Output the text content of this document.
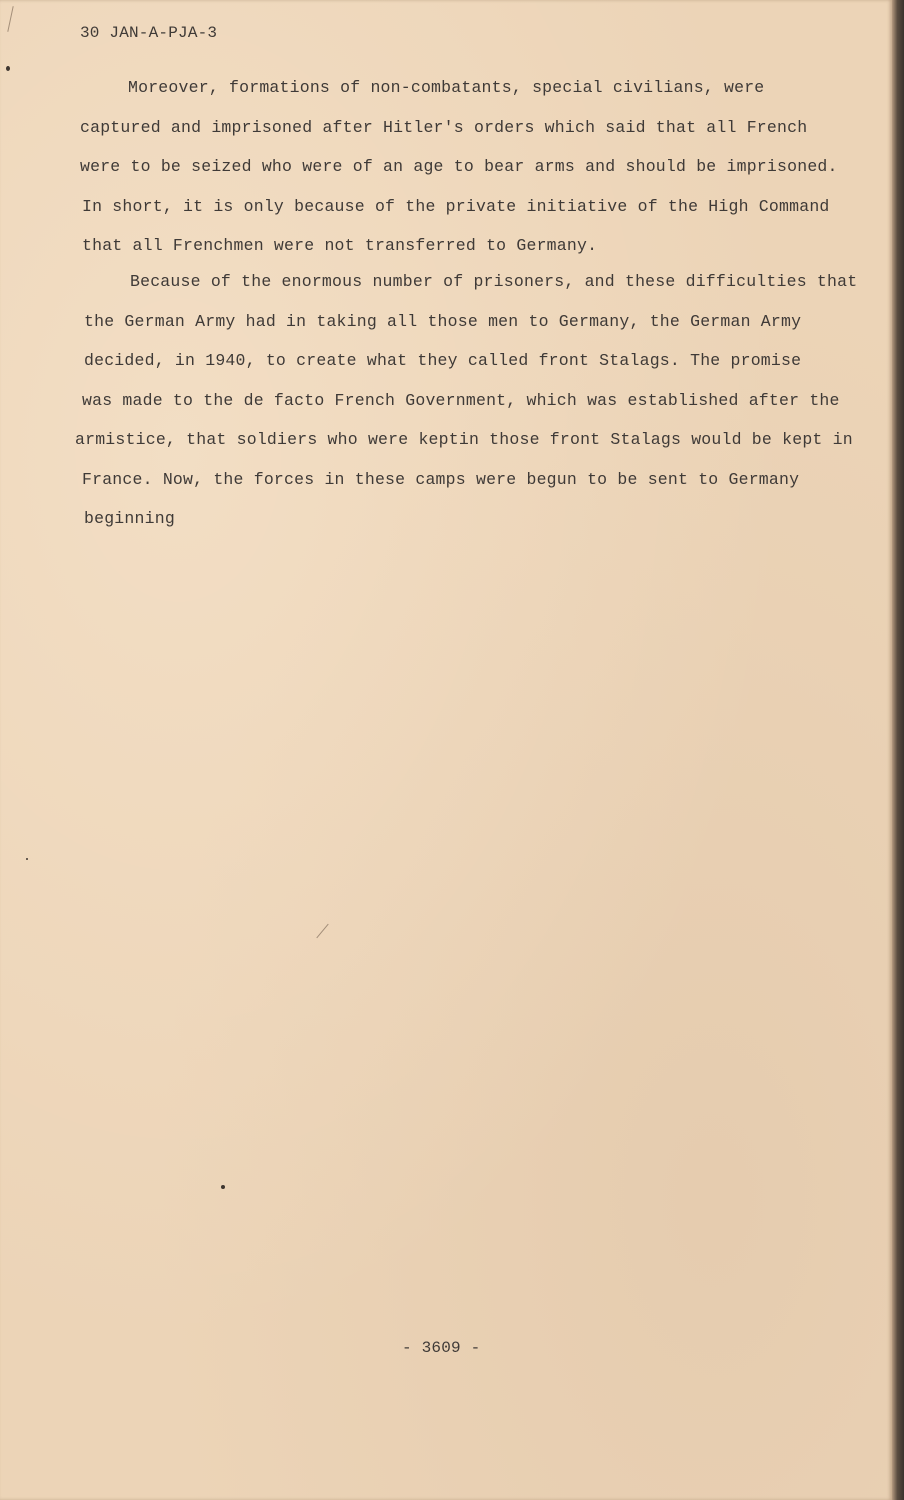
30 JAN-A-PJA-3
Moreover, formations of non-combatants, special civilians, were
captured and imprisoned after Hitler's orders which said that all French
were to be seized who were of an age to bear arms and should be imprisoned.
In short, it is only because of the private initiative of the High Command
that all Frenchmen were not transferred to Germany.
Because of the enormous number of prisoners, and these difficulties that
the German Army had in taking all those men to Germany, the German Army
decided, in 1940, to create what they called front Stalags. The promise
was made to the de facto French Government, which was established after the
armistice, that soldiers who were keptin those front Stalags would be kept in
France. Now, the forces in these camps were begun to be sent to Germany
beginning
- 3609 -
